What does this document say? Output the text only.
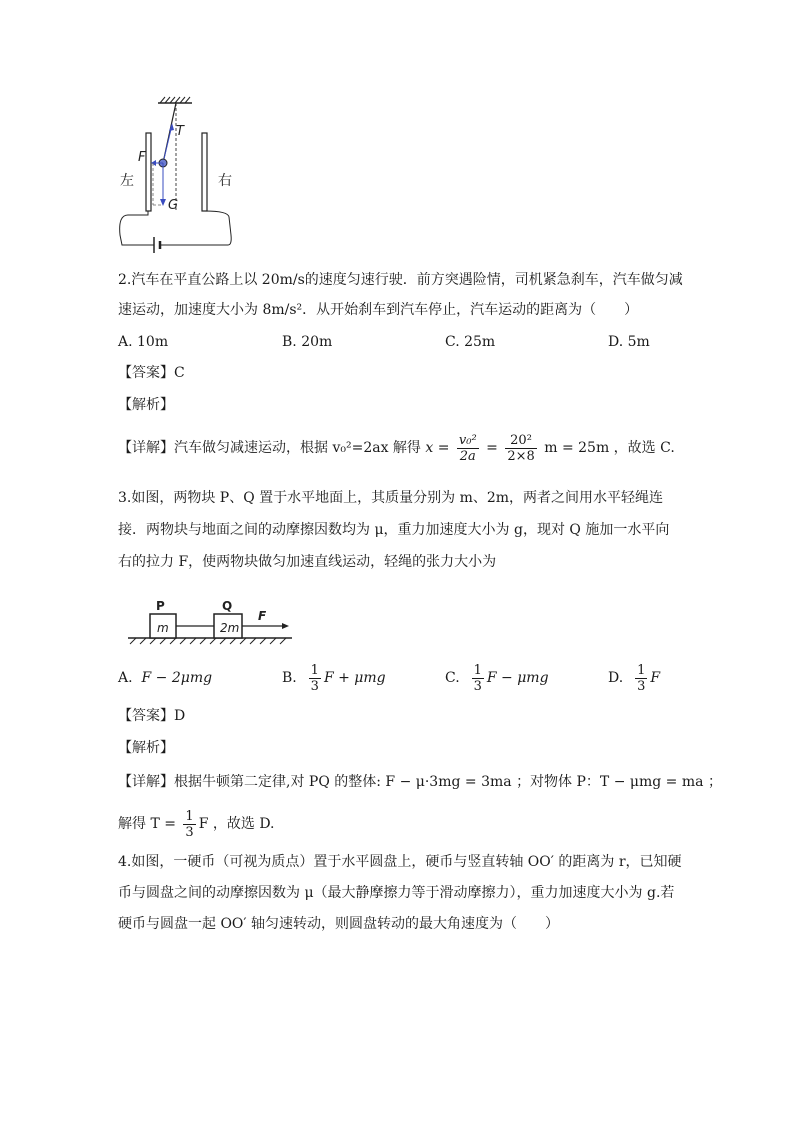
T
F
G
左	右
2.汽车在平直公路上以 20m/s的速度匀速行驶．前方突遇险情，司机紧急刹车，汽车做匀减
速运动，加速度大小为 8m/s²．从开始刹车到汽车停止，汽车运动的距离为（　　）
A. 10m	B. 20m	C. 25m	D. 5m
【答案】C
【解析】
【详解】汽车做匀减速运动，根据 v₀²=2ax 解得 $x = \frac{\text{v₀²}}{2a} = \frac{\text{20²}}{2\times 8}$ m = 25m ，故选 C.
3.如图，两物块 P、Q 置于水平地面上，其质量分别为 m、2m，两者之间用水平轻绳连
接．两物块与地面之间的动摩擦因数均为 μ，重力加速度大小为 g，现对 Q 施加一水平向
右的拉力 F，使两物块做匀加速直线运动，轻绳的张力大小为
P	Q
m	2m
F
A. F − 2μmg	B. $\frac{1}{3}$ F + μmg	C. $\frac{1}{3}$ F − μmg	D. $\frac{1}{3}$ F
【答案】D
【解析】
【详解】根据牛顿第二定律,对 PQ 的整体: F − μ·3mg = 3ma ；对物体 P：T − μmg = ma ；
解得 $T = \frac{1}{3}$ F ，故选 D.
4.如图，一硬币（可视为质点）置于水平圆盘上，硬币与竖直转轴 OO′ 的距离为 r，已知硬
币与圆盘之间的动摩擦因数为 μ（最大静摩擦力等于滑动摩擦力），重力加速度大小为 g.若
硬币与圆盘一起 OO′ 轴匀速转动，则圆盘转动的最大角速度为（　　）
